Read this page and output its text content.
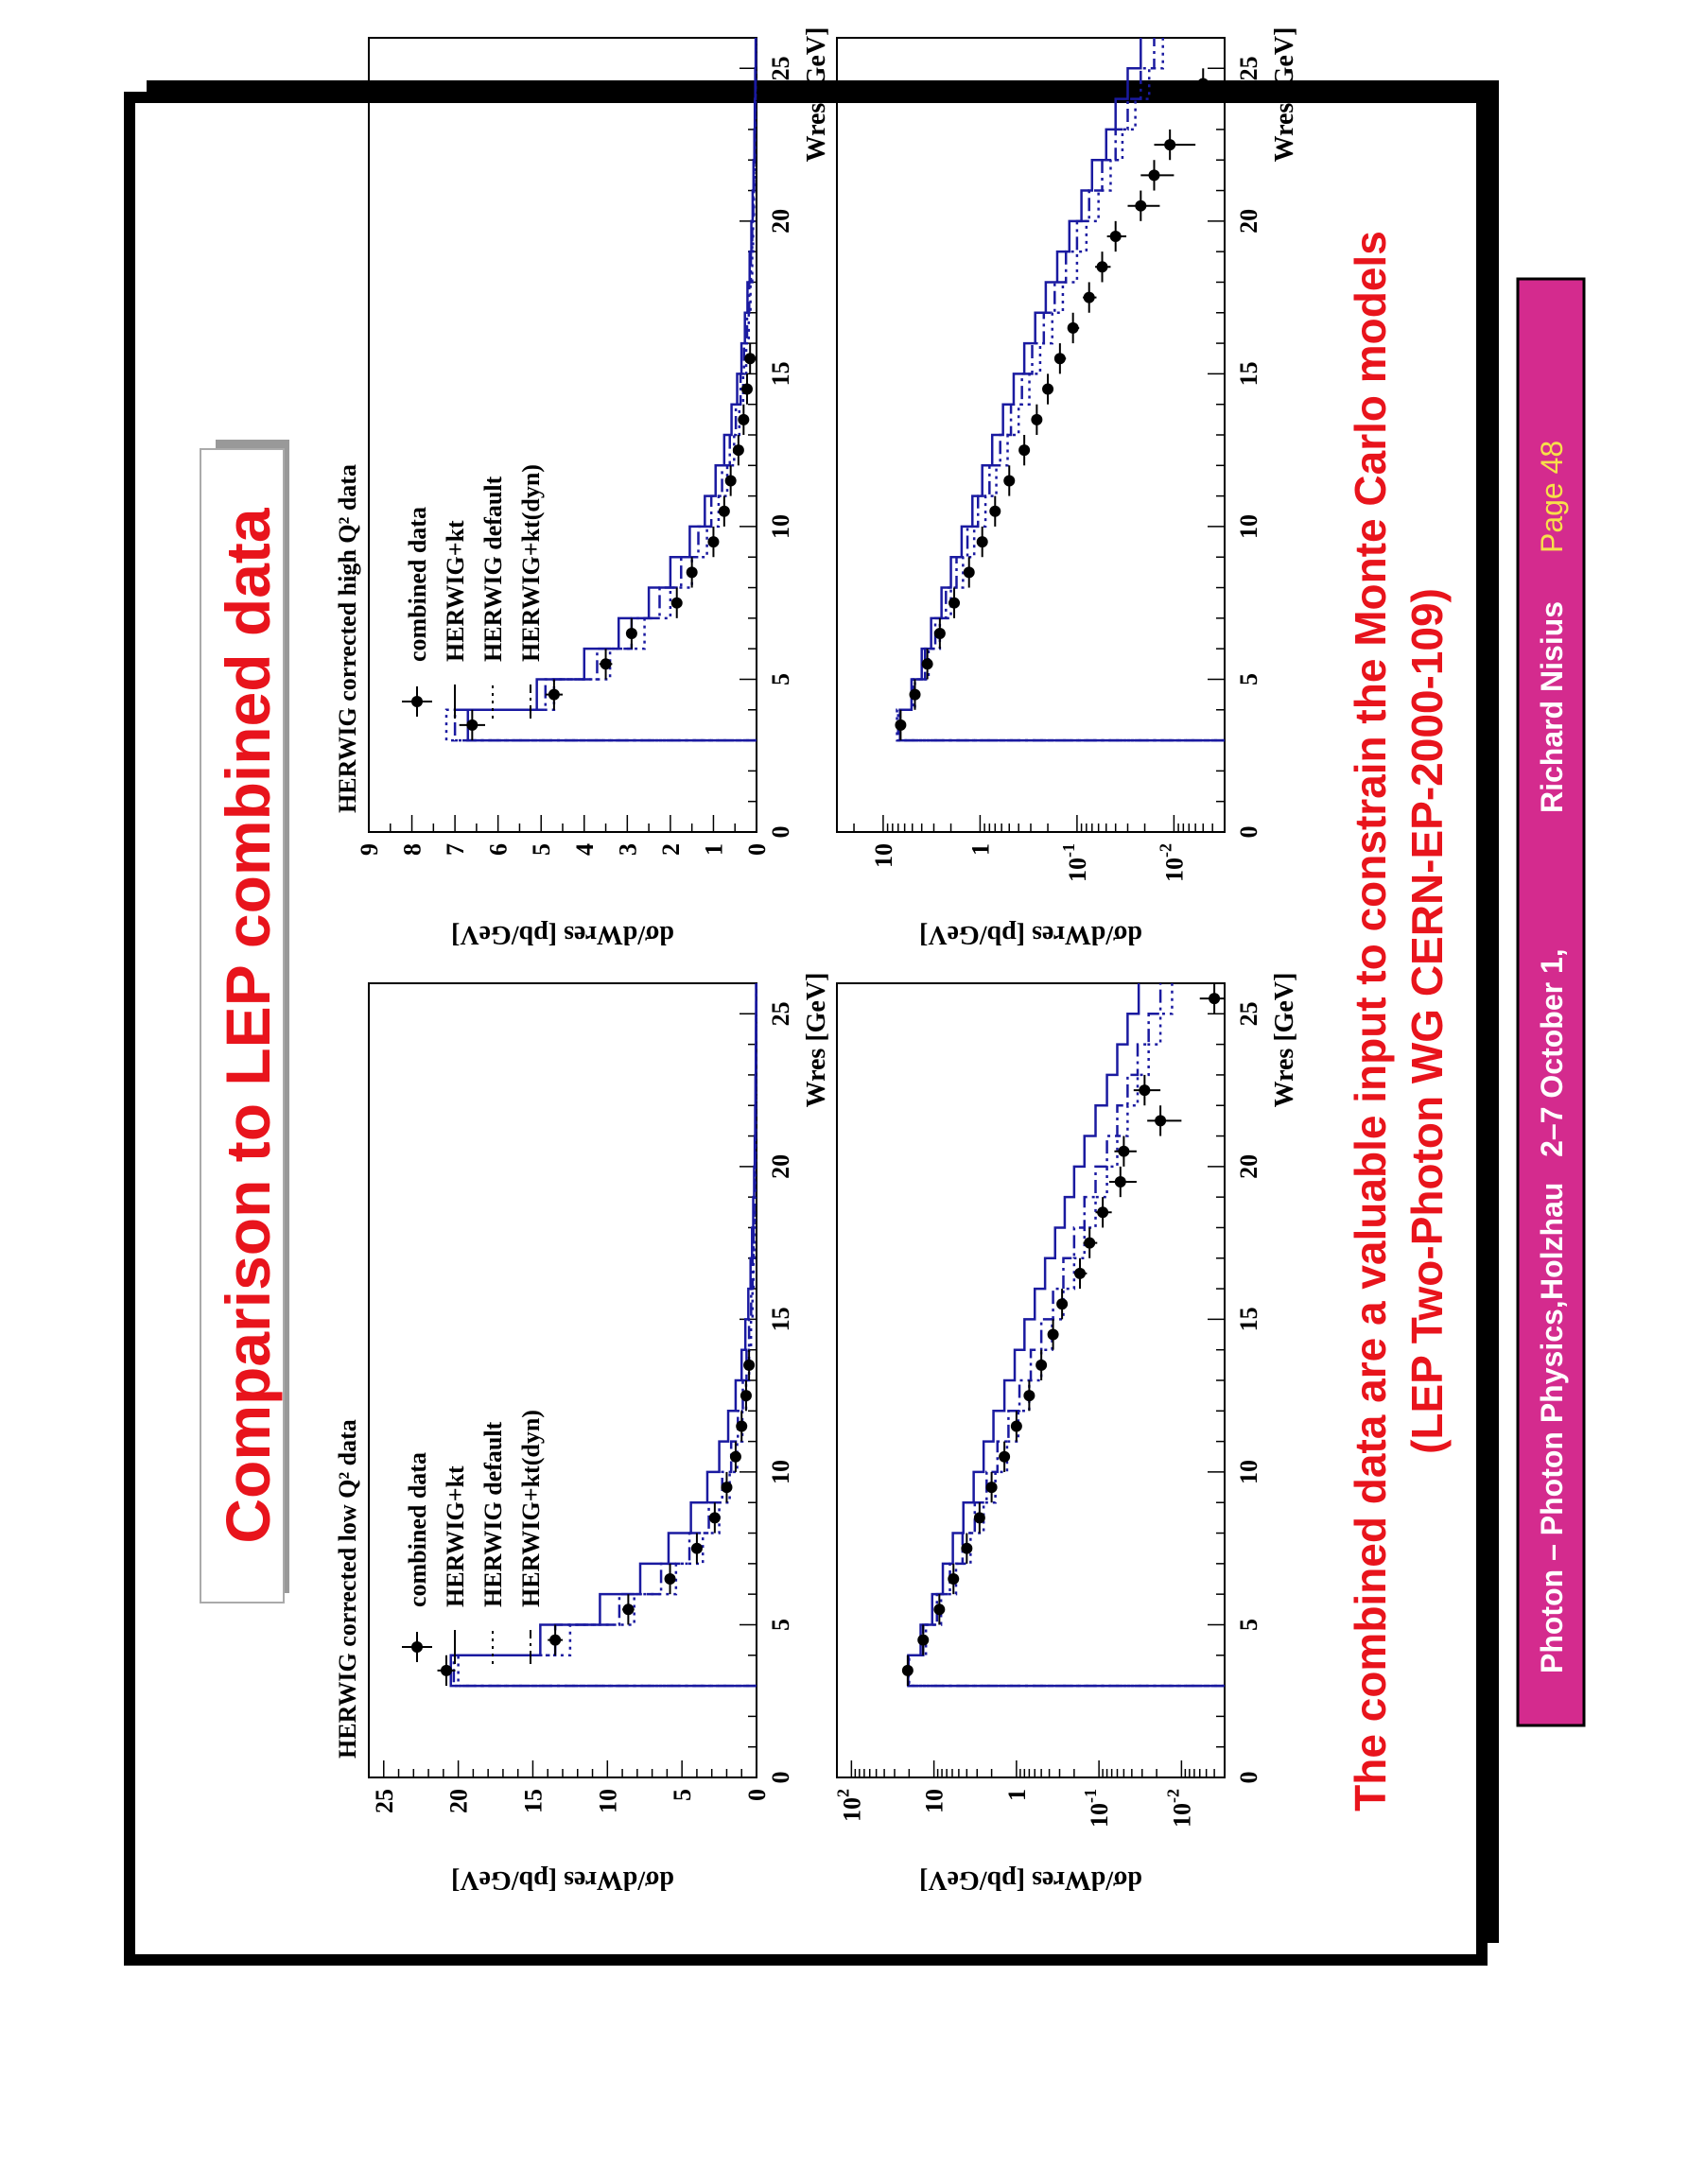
Comparison to LEP combined data
0
5
10
15
20
25
0
5
10
15
20
25
Wres [GeV]
dσ/dWres [pb/GeV]
HERWIG corrected low Q² data combined data HERWIG+kt HERWIG default HERWIG+kt(dyn)
0
5
10
15
20
25
0
1
2
3
4
5
6
7
8
9
Wres [GeV]
dσ/dWres [pb/GeV]
HERWIG corrected high Q² data combined data HERWIG+kt HERWIG default HERWIG+kt(dyn)
0
5
10
15
20
25
$10^2$	10 1
$10^{-1}$
$10^{-2}$
Wres [GeV]
dσ/dWres [pb/GeV]
0
5
10
15
20
25
10	1
$10^{-1}$
$10^{-2}$
Wres [GeV]
dσ/dWres [pb/GeV]	The combined data are a valuable input to constrain the Monte Carlo models (LEP Two-Photon WG CERN-EP-2000-109)
Photon – Photon Physics,
Holzhau   2–7 October 1,
Richard Nisius
Page 48
